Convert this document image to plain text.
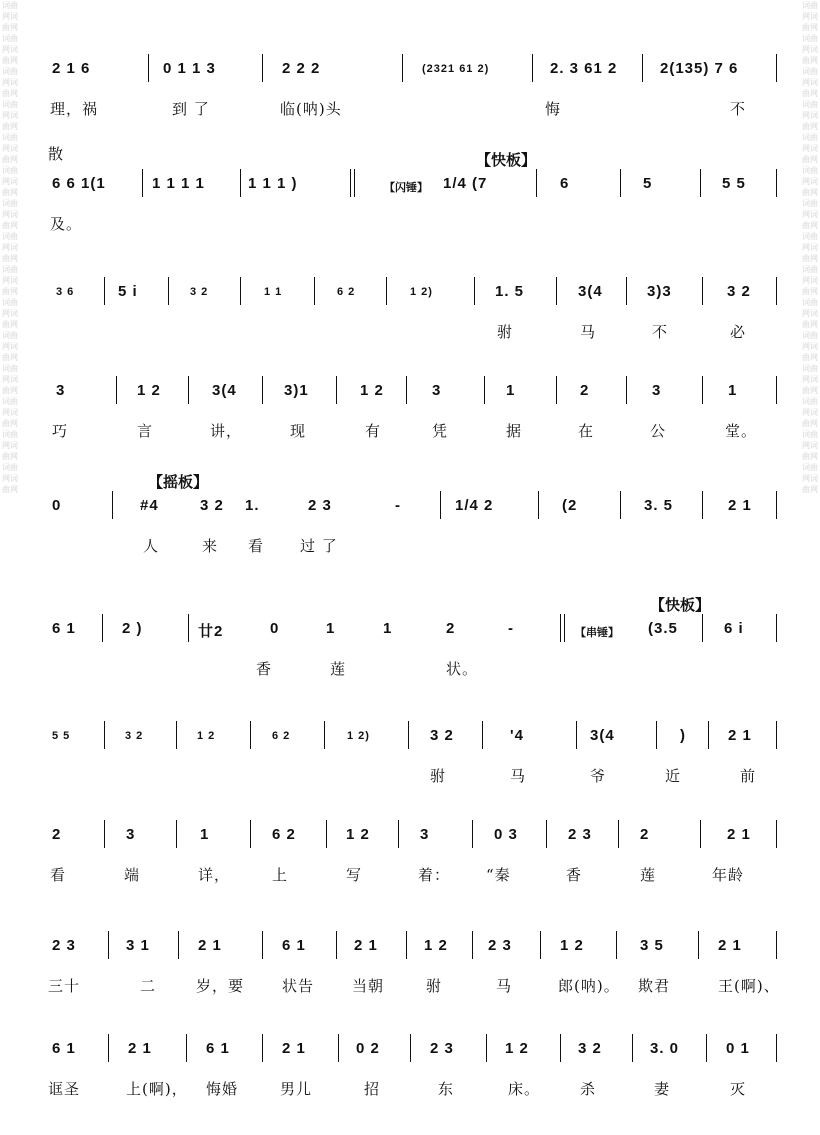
词曲网词曲网词曲网词曲网词曲网词曲网词曲网词曲网词曲网词曲网词曲网词曲网词曲网词曲网词曲网词曲网词曲网词曲网词曲网词曲网词曲网词曲网词曲网词曲网词曲网词曲网词曲网词曲网词曲网词曲网
词曲网词曲网词曲网词曲网词曲网词曲网词曲网词曲网词曲网词曲网词曲网词曲网词曲网词曲网词曲网词曲网词曲网词曲网词曲网词曲网词曲网词曲网词曲网词曲网词曲网词曲网词曲网词曲网词曲网词曲网
2 1 6	0 1 1 3	2 2 2	(2321 61 2)	2. 3 61 2	2(135) 7 6
理，祸	到 了	临(呐)头	悔	不
散	【快板】
6 6 1(1	1 1 1 1	1 1 1 )	【闪锤】 1/4 (7	6	5	5 5
及。
3 6	5 i	3 2	1 1	6 2	1 2)	1. 5	3(4	3)3	3 2
驸	马	不	必
3	1 2	3(4	3)1	1 2	3	1	2	3	1
巧	言	讲，	现	有	凭	据	在	公	堂。
【摇板】
0	#4	3 2 1.	2 3	-	1/4 2	(2	3. 5	2 1
人	来 看 过 了
【快板】
6 1	2 )	廿2	0	1	1	2	-	【串锤】 (3.5	6 i
香	莲	状。
5 5	3 2	1 2	6 2	1 2)	3 2	'4	3(4	)	2 1
驸	马	爷	近	前
2	3	1	6 2	1 2	3	0 3	2 3	2	2 1
看	端	详，	上	写	着： “秦	香	莲	年龄
2 3	3 1	2 1	6 1	2 1	1 2	2 3	1 2	3 5	2 1
三十	二	岁，要	状告	当朝	驸	马	郎(呐)。 欺君	王(啊)、
6 1	2 1	6 1	2 1	0 2	2 3	1 2	3 2	3. 0	0 1
诓圣	上(啊)， 悔婚	男儿	招	东	床。	杀	妻	灭
